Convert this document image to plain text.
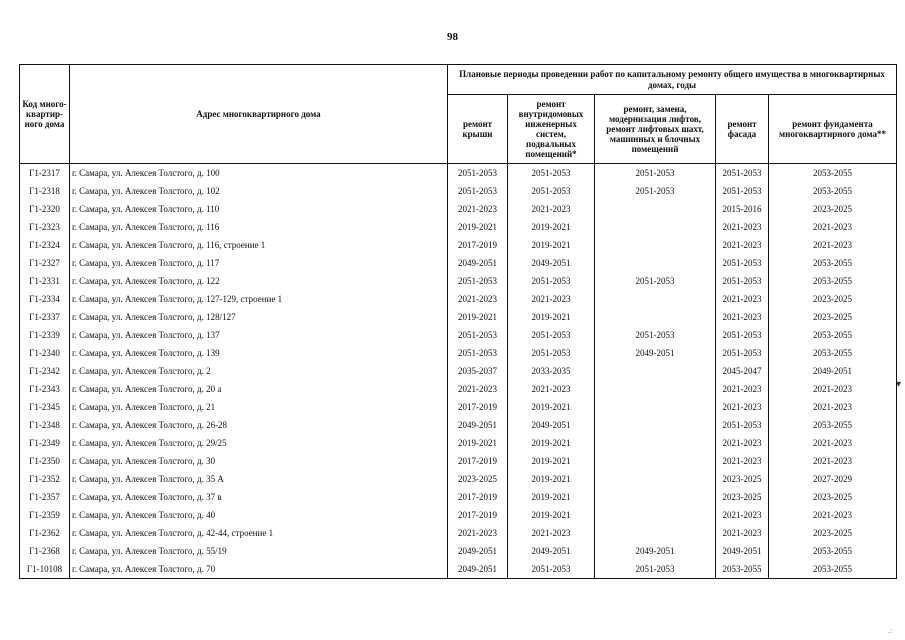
98
Код много-квартир-ного дома	Адрес многоквартирного дома	Плановые периоды проведении работ по капитальному ремонту общего имущества в многоквартирных домах, годы				
		ремонт крыши	ремонт внутридомовых инженерных систем, подвальных помещений*	ремонт, замена, модернизация лифтов, ремонт лифтовых шахт, машинных и блочных помещений	ремонт фасада	ремонт фундамента многоквартирного дома**
Г1-2317	г. Самара, ул. Алексея Толстого, д. 100	2051-2053	2051-2053	2051-2053	2051-2053	2053-2055
Г1-2318	г. Самара, ул. Алексея Толстого, д. 102	2051-2053	2051-2053	2051-2053	2051-2053	2053-2055
Г1-2320	г. Самара, ул. Алексея Толстого, д. 110	2021-2023	2021-2023		2015-2016	2023-2025
Г1-2323	г. Самара, ул. Алексея Толстого, д. 116	2019-2021	2019-2021		2021-2023	2021-2023
Г1-2324	г. Самара, ул. Алексея Толстого, д. 116, строение 1	2017-2019	2019-2021		2021-2023	2021-2023
Г1-2327	г. Самара, ул. Алексея Толстого, д. 117	2049-2051	2049-2051		2051-2053	2053-2055
Г1-2331	г. Самара, ул. Алексея Толстого, д. 122	2051-2053	2051-2053	2051-2053	2051-2053	2053-2055
Г1-2334	г. Самара, ул. Алексея Толстого, д. 127-129, строение 1	2021-2023	2021-2023		2021-2023	2023-2025
Г1-2337	г. Самара, ул. Алексея Толстого, д. 128/127	2019-2021	2019-2021		2021-2023	2023-2025
Г1-2339	г. Самара, ул. Алексея Толстого, д. 137	2051-2053	2051-2053	2051-2053	2051-2053	2053-2055
Г1-2340	г. Самара, ул. Алексея Толстого, д. 139	2051-2053	2051-2053	2049-2051	2051-2053	2053-2055
Г1-2342	г. Самара, ул. Алексея Толстого, д. 2	2035-2037	2033-2035		2045-2047	2049-2051
Г1-2343	г. Самара, ул. Алексея Толстого, д. 20 а	2021-2023	2021-2023		2021-2023	2021-2023
Г1-2345	г. Самара, ул. Алексея Толстого, д. 21	2017-2019	2019-2021		2021-2023	2021-2023
Г1-2348	г. Самара, ул. Алексея Толстого, д. 26-28	2049-2051	2049-2051		2051-2053	2053-2055
Г1-2349	г. Самара, ул. Алексея Толстого, д. 29/25	2019-2021	2019-2021		2021-2023	2021-2023
Г1-2350	г. Самара, ул. Алексея Толстого, д. 30	2017-2019	2019-2021		2021-2023	2021-2023
Г1-2352	г. Самара, ул. Алексея Толстого, д. 35 А	2023-2025	2019-2021		2023-2025	2027-2029
Г1-2357	г. Самара, ул. Алексея Толстого, д. 37 в	2017-2019	2019-2021		2023-2025	2023-2025
Г1-2359	г. Самара, ул. Алексея Толстого, д. 40	2017-2019	2019-2021		2021-2023	2021-2023
Г1-2362	г. Самара, ул. Алексея Толстого, д. 42-44, строение 1	2021-2023	2021-2023		2021-2023	2023-2025
Г1-2368	г. Самара, ул. Алексея Толстого, д. 55/19	2049-2051	2049-2051	2049-2051	2049-2051	2053-2055
Г1-10108	г. Самара, ул. Алексея Толстого, д. 70	2049-2051	2051-2053	2051-2053	2053-2055	2053-2055
▾
.:
